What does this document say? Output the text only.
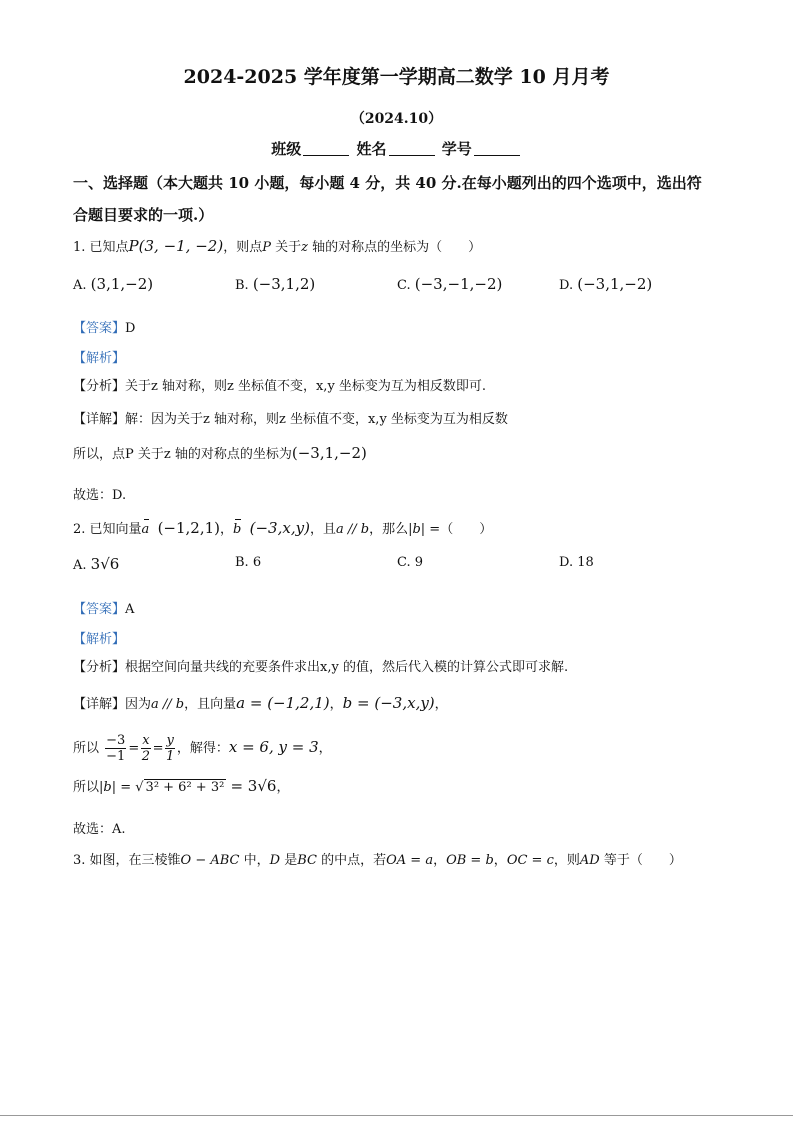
2024-2025 学年度第一学期高二数学 10 月月考
（2024.10）
班级	姓名	学号
一、选择题（本大题共 10 小题，每小题 4 分，共 40 分.在每小题列出的四个选项中，选出符
合题目要求的一项.）
1. 已知点P(3, −1, −2)，则点P 关于z 轴的对称点的坐标为（　　）
A. (3,1,−2)	B. (−3,1,2)	C. (−3,−1,−2)	D. (−3,1,−2)
【答案】D
【解析】
【分析】关于z 轴对称，则z 坐标值不变，x,y 坐标变为互为相反数即可.
【详解】解：因为关于z 轴对称，则z 坐标值不变，x,y 坐标变为互为相反数
所以，点P 关于z 轴的对称点的坐标为(−3,1,−2)
故选：D.
2. 已知向量a (−1,2,1)，b (−3,x,y)，且a // b，那么|b| =（　　）
A. 3√6	B. 6	C. 9	D. 18
【答案】A
【解析】
【分析】根据空间向量共线的充要条件求出x,y 的值，然后代入模的计算公式即可求解.
【详解】因为a // b，且向量a = (−1,2,1)，b = (−3,x,y)，
所以 $\frac{-3}{-1} = \frac{x}{2} = \frac{y}{1}$ ，解得：x = 6, y = 3，
所以|b| = √ 3² + 6² + 3² = 3√6，
故选：A.
3. 如图，在三棱锥O − ABC 中，D 是BC 的中点，若OA = a，OB = b，OC = c，则AD 等于（　　）
